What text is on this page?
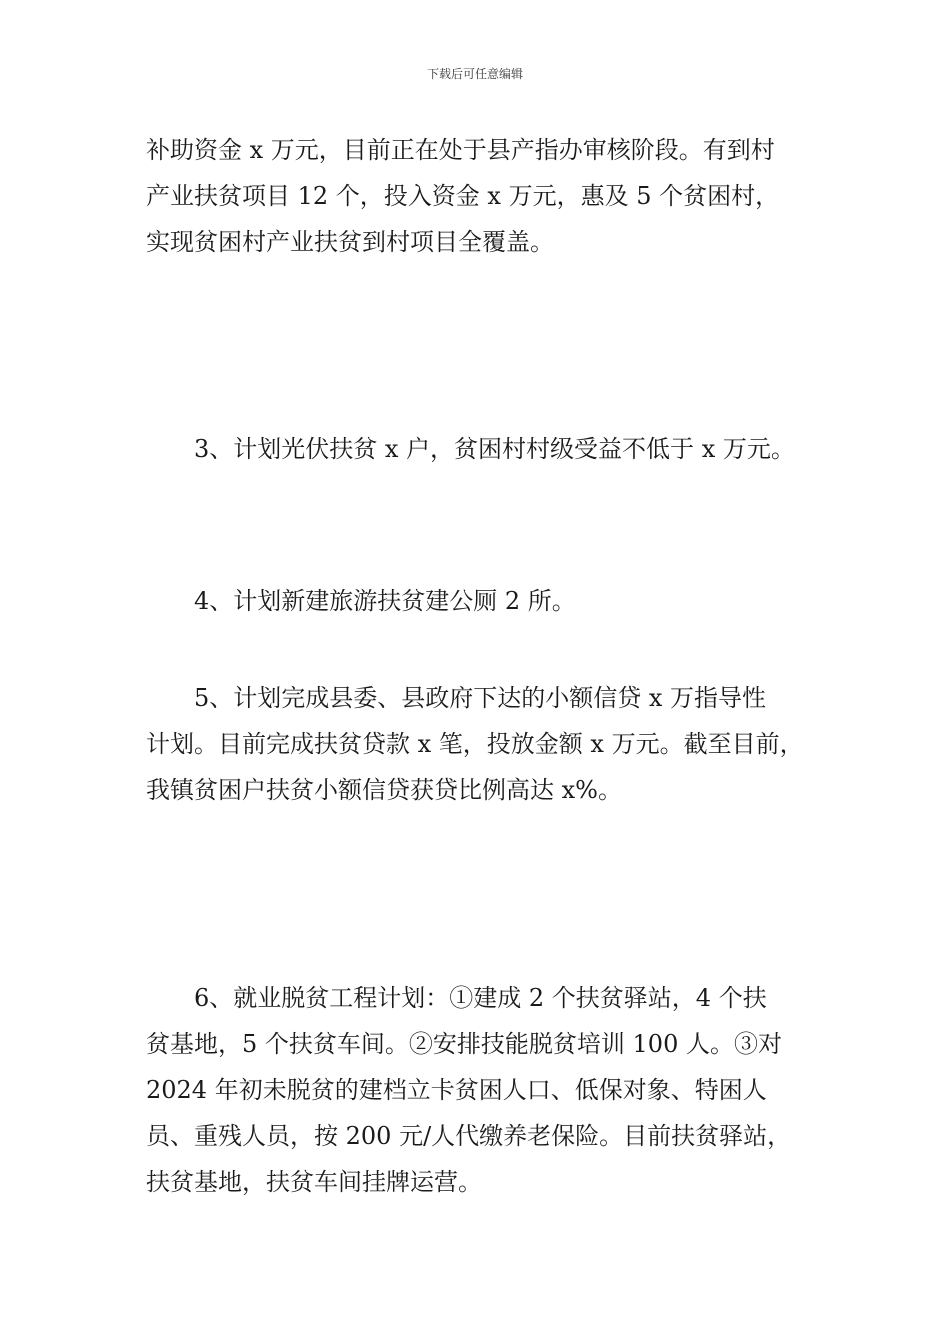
下载后可任意编辑
补助资金 x 万元，目前正在处于县产指办审核阶段。有到村
产业扶贫项目 12 个，投入资金 x 万元，惠及 5 个贫困村，
实现贫困村产业扶贫到村项目全覆盖。
3、计划光伏扶贫 x 户，贫困村村级受益不低于 x 万元。
4、计划新建旅游扶贫建公厕 2 所。
5、计划完成县委、县政府下达的小额信贷 x 万指导性
计划。目前完成扶贫贷款 x 笔，投放金额 x 万元。截至目前，
我镇贫困户扶贫小额信贷获贷比例高达 x%。
6、就业脱贫工程计划：①建成 2 个扶贫驿站，4 个扶
贫基地，5 个扶贫车间。②安排技能脱贫培训 100 人。③对
2024 年初未脱贫的建档立卡贫困人口、低保对象、特困人
员、重残人员，按 200 元/人代缴养老保险。目前扶贫驿站，
扶贫基地，扶贫车间挂牌运营。
